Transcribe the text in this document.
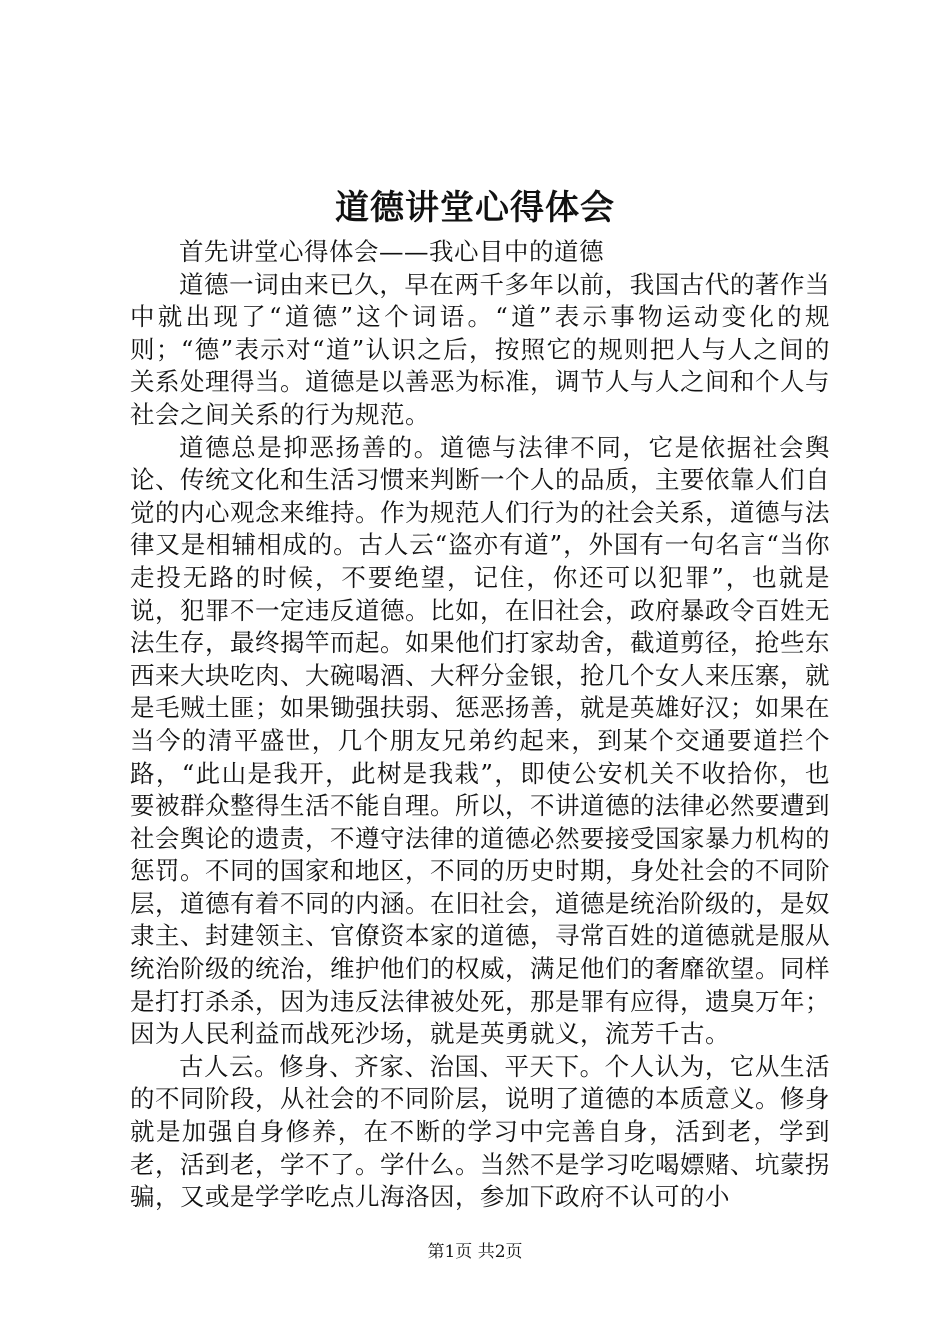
道德讲堂心得体会

首先讲堂心得体会——我心目中的道德

道德一词由来已久，早在两千多年以前，我国古代的著作当中就出现了“道德”这个词语。“道”表示事物运动变化的规则；“德”表示对“道”认识之后，按照它的规则把人与人之间的关系处理得当。道德是以善恶为标准，调节人与人之间和个人与社会之间关系的行为规范。

道德总是抑恶扬善的。道德与法律不同，它是依据社会舆论、传统文化和生活习惯来判断一个人的品质，主要依靠人们自觉的内心观念来维持。作为规范人们行为的社会关系，道德与法律又是相辅相成的。古人云“盗亦有道”，外国有一句名言“当你走投无路的时候，不要绝望，记住，你还可以犯罪”，也就是说，犯罪不一定违反道德。比如，在旧社会，政府暴政令百姓无法生存，最终揭竿而起。如果他们打家劫舍，截道剪径，抢些东西来大块吃肉、大碗喝酒、大秤分金银，抢几个女人来压寨，就是毛贼土匪；如果锄强扶弱、惩恶扬善，就是英雄好汉；如果在当今的清平盛世，几个朋友兄弟约起来，到某个交通要道拦个路，“此山是我开，此树是我栽”，即使公安机关不收拾你，也要被群众整得生活不能自理。所以，不讲道德的法律必然要遭到社会舆论的遗责，不遵守法律的道德必然要接受国家暴力机构的惩罚。不同的国家和地区，不同的历史时期，身处社会的不同阶层，道德有着不同的内涵。在旧社会，道德是统治阶级的，是奴隶主、封建领主、官僚资本家的道德，寻常百姓的道德就是服从统治阶级的统治，维护他们的权威，满足他们的奢靡欲望。同样是打打杀杀，因为违反法律被处死，那是罪有应得，遗臭万年；因为人民利益而战死沙场，就是英勇就义，流芳千古。

古人云。修身、齐家、治国、平天下。个人认为，它从生活的不同阶段，从社会的不同阶层，说明了道德的本质意义。修身就是加强自身修养，在不断的学习中完善自身，活到老，学到老，活到老，学不了。学什么。当然不是学习吃喝嫖赌、坑蒙拐骗，又或是学学吃点儿海洛因，参加下政府不认可的小

第1页 共2页
